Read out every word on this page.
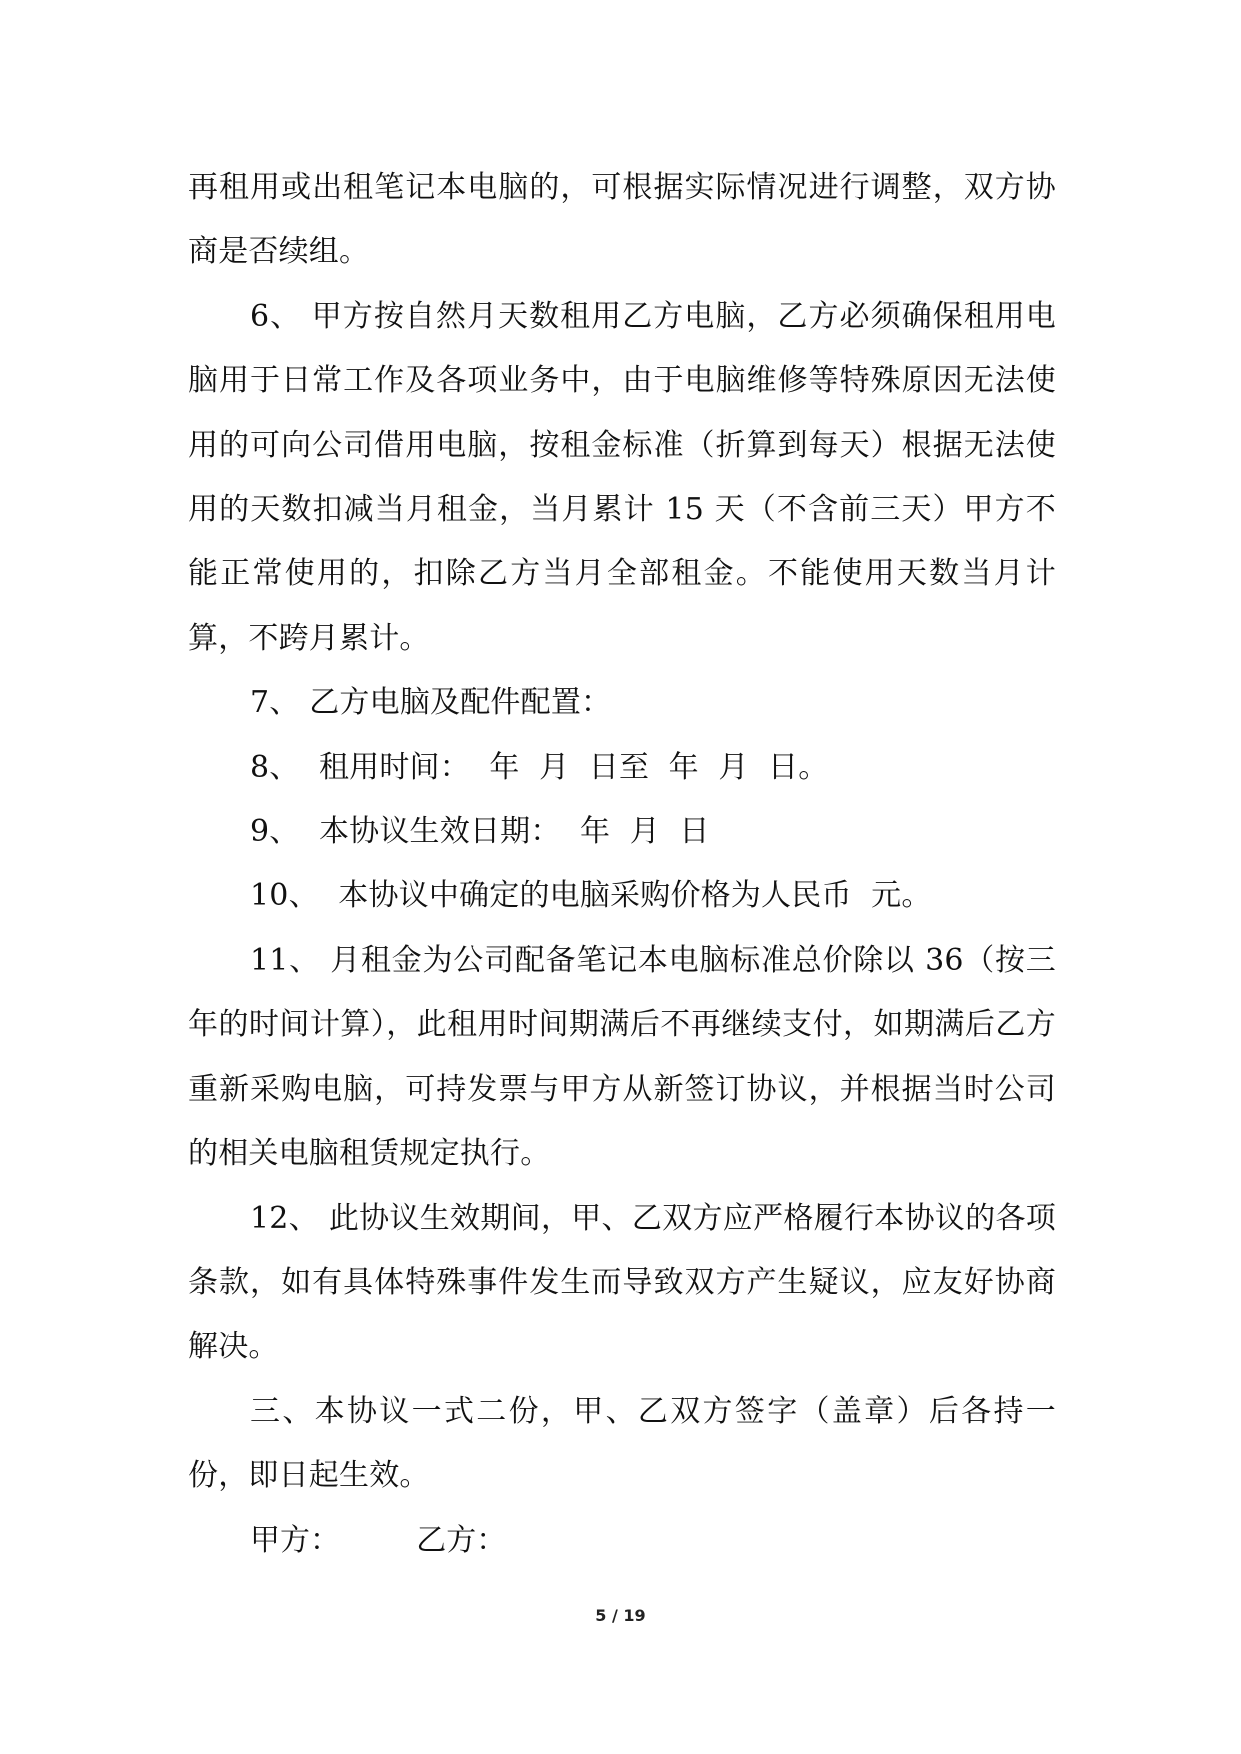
再租用或出租笔记本电脑的，可根据实际情况进行调整，双方协商是否续组。

6、 甲方按自然月天数租用乙方电脑，乙方必须确保租用电脑用于日常工作及各项业务中，由于电脑维修等特殊原因无法使用的可向公司借用电脑，按租金标准（折算到每天）根据无法使用的天数扣减当月租金，当月累计 15 天（不含前三天）甲方不能正常使用的，扣除乙方当月全部租金。不能使用天数当月计算，不跨月累计。

7、 乙方电脑及配件配置：

8、  租用时间：  年  月  日至  年  月  日。

9、  本协议生效日期：  年  月  日

10、  本协议中确定的电脑采购价格为人民币  元。

11、 月租金为公司配备笔记本电脑标准总价除以 36（按三年的时间计算），此租用时间期满后不再继续支付，如期满后乙方重新采购电脑，可持发票与甲方从新签订协议，并根据当时公司的相关电脑租赁规定执行。

12、 此协议生效期间，甲、乙双方应严格履行本协议的各项条款，如有具体特殊事件发生而导致双方产生疑议，应友好协商解决。

三、本协议一式二份，甲、乙双方签字（盖章）后各持一份，即日起生效。

甲方：	乙方：

5 / 19
